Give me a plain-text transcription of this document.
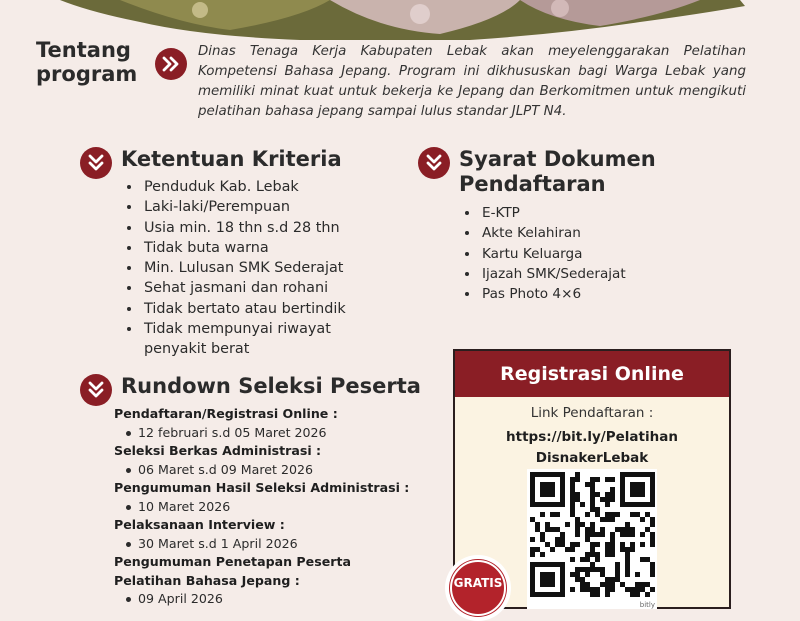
Tentang program
Dinas Tenaga Kerja Kabupaten Lebak akan meyelenggarakan Pelatihan Kompetensi Bahasa Jepang. Program ini dikhususkan bagi Warga Lebak yang memiliki minat kuat untuk bekerja ke Jepang dan Berkomitmen untuk mengikuti pelatihan bahasa jepang sampai lulus standar JLPT N4.
Ketentuan Kriteria
• Penduduk Kab. Lebak
• Laki-laki/Perempuan
• Usia min. 18 thn s.d 28 thn
• Tidak buta warna
• Min. Lulusan SMK Sederajat
• Sehat jasmani dan rohani
• Tidak bertato atau bertindik
• Tidak mempunyai riwayat penyakit berat
Syarat Dokumen Pendaftaran
• E-KTP
• Akte Kelahiran
• Kartu Keluarga
• Ijazah SMK/Sederajat
• Pas Photo 4×6
Rundown Seleksi Peserta
Pendaftaran/Registrasi Online :
12 februari s.d 05 Maret 2026
Seleksi Berkas Administrasi :
06 Maret s.d 09 Maret 2026
Pengumuman Hasil Seleksi Administrasi :
10 Maret 2026
Pelaksanaan Interview :
30 Maret s.d 1 April 2026
Pengumuman Penetapan Peserta Pelatihan Bahasa Jepang :
09 April 2026
Registrasi Online
Link Pendaftaran :
https://bit.ly/Pelatihan
DisnakerLebak
bitly
GRATIS
